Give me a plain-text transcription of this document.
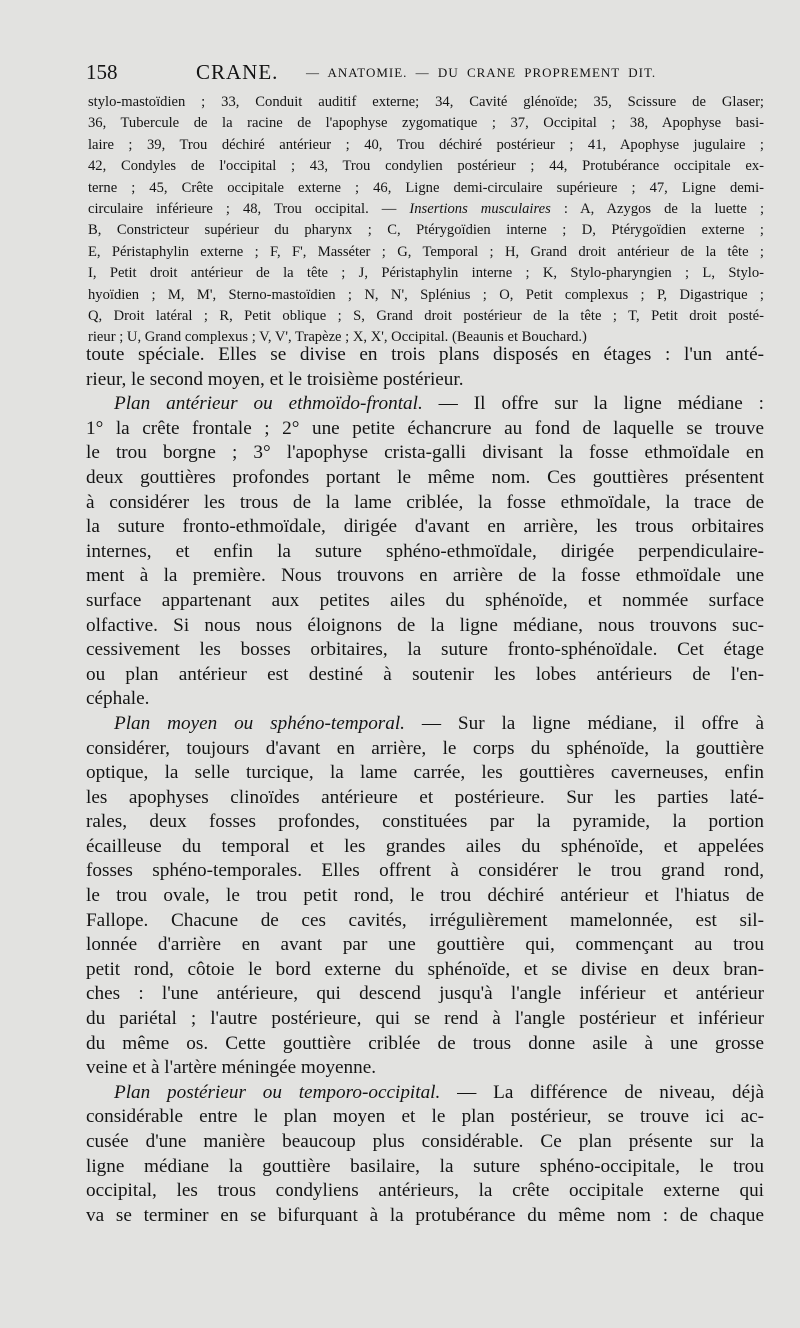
158	CRANE. — ANATOMIE. — DU CRANE PROPREMENT DIT.
stylo-mastoïdien ; 33, Conduit auditif externe; 34, Cavité glénoïde; 35, Scissure de Glaser;
36, Tubercule de la racine de l'apophyse zygomatique ; 37, Occipital ; 38, Apophyse basi-
laire ; 39, Trou déchiré antérieur ; 40, Trou déchiré postérieur ; 41, Apophyse jugulaire ;
42, Condyles de l'occipital ; 43, Trou condylien postérieur ; 44, Protubérance occipitale ex-
terne ; 45, Crête occipitale externe ; 46, Ligne demi-circulaire supérieure ; 47, Ligne demi-
circulaire inférieure ; 48, Trou occipital. — Insertions musculaires : A, Azygos de la luette ;
B, Constricteur supérieur du pharynx ; C, Ptérygoïdien interne ; D, Ptérygoïdien externe ;
E, Péristaphylin externe ; F, F', Masséter ; G, Temporal ; H, Grand droit antérieur de la tête ;
I, Petit droit antérieur de la tête ; J, Péristaphylin interne ; K, Stylo-pharyngien ; L, Stylo-
hyoïdien ; M, M', Sterno-mastoïdien ; N, N', Splénius ; O, Petit complexus ; P, Digastrique ;
Q, Droit latéral ; R, Petit oblique ; S, Grand droit postérieur de la tête ; T, Petit droit posté-
rieur ; U, Grand complexus ; V, V', Trapèze ; X, X', Occipital. (Beaunis et Bouchard.)
toute spéciale. Elles se divise en trois plans disposés en étages : l'un anté-
rieur, le second moyen, et le troisième postérieur.
Plan antérieur ou ethmoïdo-frontal. — Il offre sur la ligne médiane :
1° la crête frontale ; 2° une petite échancrure au fond de laquelle se trouve
le trou borgne ; 3° l'apophyse crista-galli divisant la fosse ethmoïdale en
deux gouttières profondes portant le même nom. Ces gouttières présentent
à considérer les trous de la lame criblée, la fosse ethmoïdale, la trace de
la suture fronto-ethmoïdale, dirigée d'avant en arrière, les trous orbitaires
internes, et enfin la suture sphéno-ethmoïdale, dirigée perpendiculaire-
ment à la première. Nous trouvons en arrière de la fosse ethmoïdale une
surface appartenant aux petites ailes du sphénoïde, et nommée surface
olfactive. Si nous nous éloignons de la ligne médiane, nous trouvons suc-
cessivement les bosses orbitaires, la suture fronto-sphénoïdale. Cet étage
ou plan antérieur est destiné à soutenir les lobes antérieurs de l'en-
céphale.
Plan moyen ou sphéno-temporal. — Sur la ligne médiane, il offre à
considérer, toujours d'avant en arrière, le corps du sphénoïde, la gouttière
optique, la selle turcique, la lame carrée, les gouttières caverneuses, enfin
les apophyses clinoïdes antérieure et postérieure. Sur les parties laté-
rales, deux fosses profondes, constituées par la pyramide, la portion
écailleuse du temporal et les grandes ailes du sphénoïde, et appelées
fosses sphéno-temporales. Elles offrent à considérer le trou grand rond,
le trou ovale, le trou petit rond, le trou déchiré antérieur et l'hiatus de
Fallope. Chacune de ces cavités, irrégulièrement mamelonnée, est sil-
lonnée d'arrière en avant par une gouttière qui, commençant au trou
petit rond, côtoie le bord externe du sphénoïde, et se divise en deux bran-
ches : l'une antérieure, qui descend jusqu'à l'angle inférieur et antérieur
du pariétal ; l'autre postérieure, qui se rend à l'angle postérieur et inférieur
du même os. Cette gouttière criblée de trous donne asile à une grosse
veine et à l'artère méningée moyenne.
Plan postérieur ou temporo-occipital. — La différence de niveau, déjà
considérable entre le plan moyen et le plan postérieur, se trouve ici ac-
cusée d'une manière beaucoup plus considérable. Ce plan présente sur la
ligne médiane la gouttière basilaire, la suture sphéno-occipitale, le trou
occipital, les trous condyliens antérieurs, la crête occipitale externe qui
va se terminer en se bifurquant à la protubérance du même nom : de chaque
